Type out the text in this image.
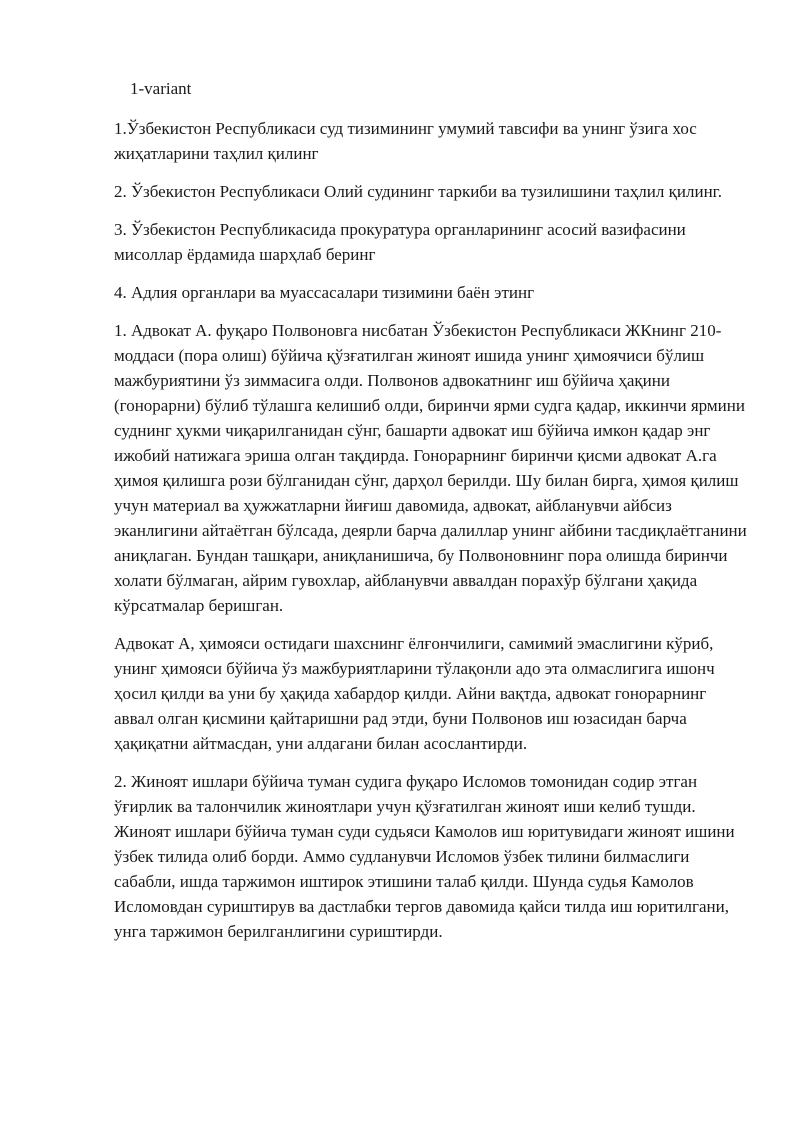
1-variant

1.Ўзбекистон Республикаси суд тизимининг умумий тавсифи ва унинг ўзига хос жиҳатларини таҳлил қилинг

2. Ўзбекистон Республикаси Олий судининг таркиби ва тузилишини таҳлил қилинг.

3. Ўзбекистон Республикасида прокуратура органларининг асосий вазифасини мисоллар ёрдамида шарҳлаб беринг

4. Адлия органлари ва муассасалари тизимини баён этинг

1. Адвокат А. фуқаро Полвоновга нисбатан Ўзбекистон Республикаси ЖКнинг 210-моддаси (пора олиш) бўйича қўзғатилган жиноят ишида унинг ҳимоячиси бўлиш мажбуриятини ўз зиммасига олди. Полвонов адвокатнинг иш бўйича ҳақини (гонорарни) бўлиб тўлашга келишиб олди, биринчи ярми судга қадар, иккинчи ярмини суднинг ҳукми чиқарилганидан сўнг, башарти адвокат иш бўйича имкон қадар энг ижобий натижага эриша олган тақдирда. Гонорарнинг биринчи қисми адвокат А.га ҳимоя қилишга рози бўлганидан сўнг, дарҳол берилди. Шу билан бирга, ҳимоя қилиш учун материал ва ҳужжатларни йиғиш давомида, адвокат, айбланувчи айбсиз эканлигини айтаётган бўлсада, деярли барча далиллар унинг айбини тасдиқлаётганини аниқлаган. Бундан ташқари, аниқланишича, бу Полвоновнинг пора олишда биринчи холати бўлмаган, айрим гувохлар, айбланувчи аввалдан порахўр бўлгани ҳақида кўрсатмалар беришган.

Адвокат А, ҳимояси остидаги шахснинг ёлғончилиги, самимий эмаслигини кўриб, унинг ҳимояси бўйича ўз мажбуриятларини тўлақонли адо эта олмаслигига ишонч ҳосил қилди ва уни бу ҳақида хабардор қилди. Айни вақтда, адвокат гонорарнинг аввал олган қисмини қайтаришни рад этди, буни Полвонов иш юзасидан барча ҳақиқатни айтмасдан, уни алдагани билан асослантирди.

2. Жиноят ишлари бўйича туман судига фуқаро Исломов томонидан содир этган ўғирлик ва талончилик жиноятлари учун қўзғатилган жиноят иши келиб тушди. Жиноят ишлари бўйича туман суди судьяси Камолов иш юритувидаги жиноят ишини ўзбек тилида олиб борди. Аммо судланувчи Исломов ўзбек тилини билмаслиги сабабли, ишда таржимон иштирок этишини талаб қилди. Шунда судья Камолов Исломовдан суриштирув ва дастлабки тергов давомида қайси тилда иш юритилгани, унга таржимон берилганлигини суриштирди.
